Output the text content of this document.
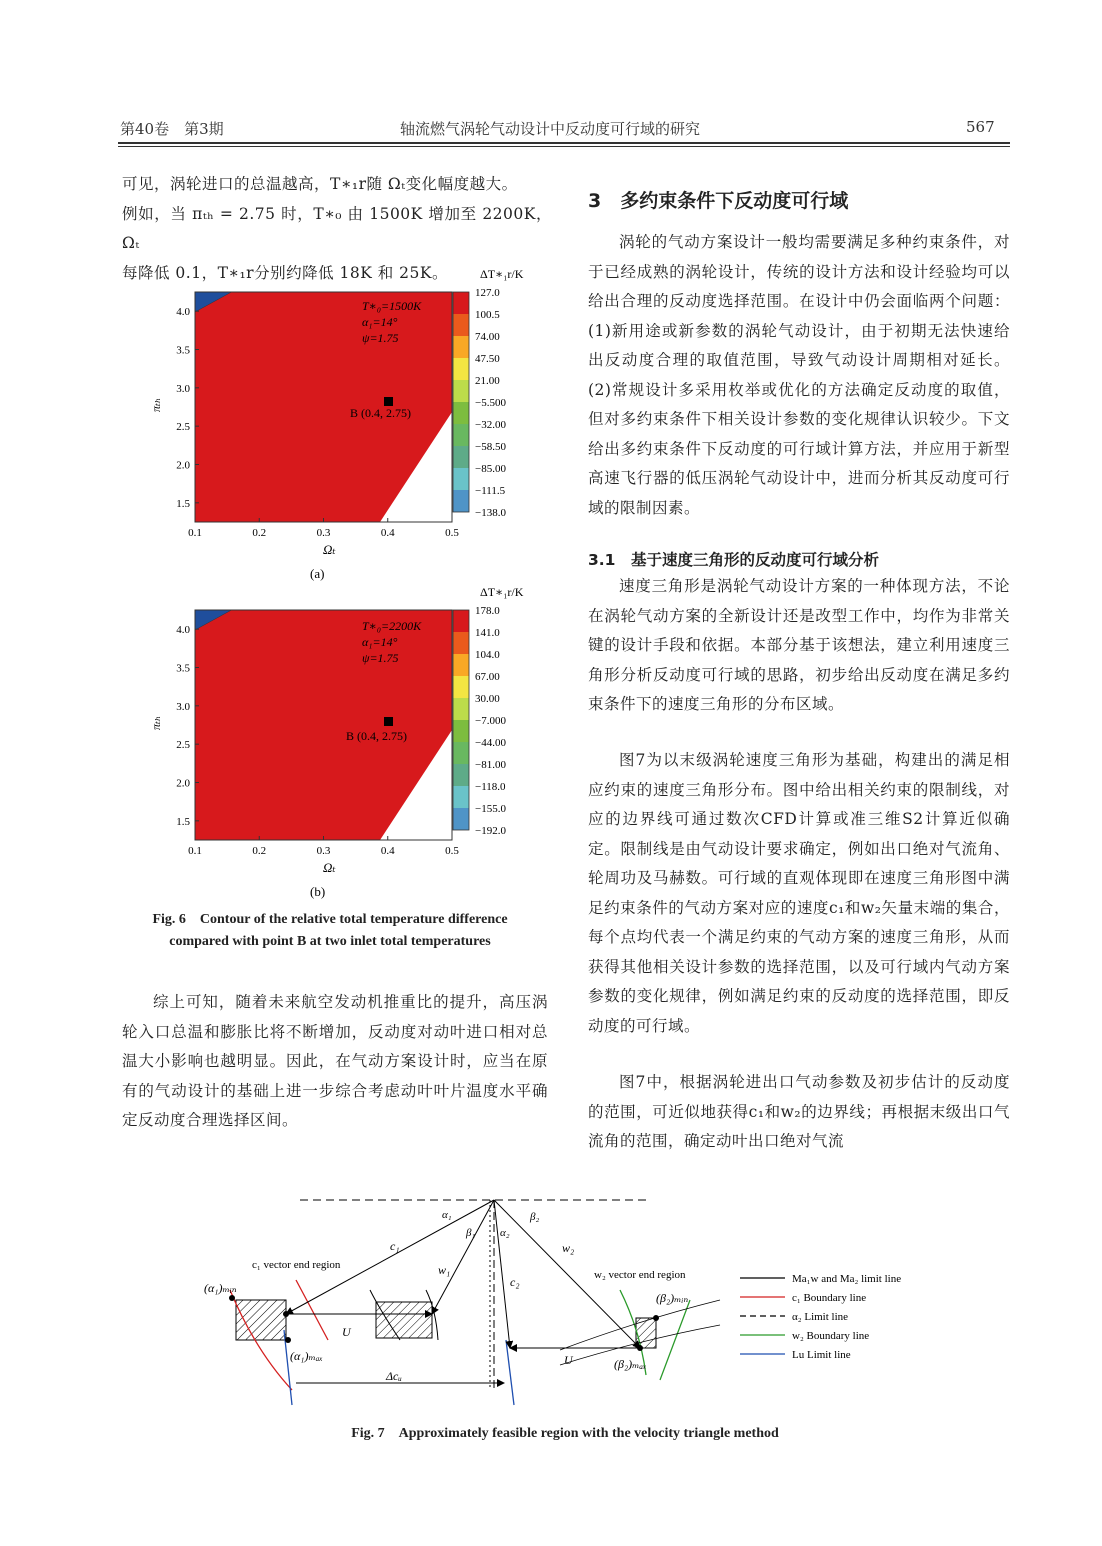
第40卷　第3期	轴流燃气涡轮气动设计中反动度可行域的研究	567
可见，涡轮进口的总温越高，T∗₁r随 Ωₜ变化幅度越大。
例如，当 πₜₕ = 2.75 时，T∗₀ 由 1500K 增加至 2200K，Ωₜ
每降低 0.1，T∗₁r分别约降低 18K 和 25K。
B (0.4, 2.75)
T∗₀=1500K
α₁=14°
ψ=1.75
127.0
100.5
74.00
47.50
21.00
−5.500
−32.00
−58.50
−85.00
−111.5
−138.0
ΔT∗₁r/K
4.0
3.5
3.0
2.5
2.0
1.5
0.1	0.2	0.3	0.4	0.5
Ωₜ
(a)
πₜₕ
B (0.4, 2.75)
T∗₀=2200K
α₁=14°
ψ=1.75
178.0
141.0
104.0
67.00
30.00
−7.000
−44.00
−81.00
−118.0
−155.0
−192.0
ΔT∗₁r/K
4.0
3.5
3.0
2.5
2.0
1.5
0.1	0.2	0.3	0.4	0.5
Ωₜ
(b)
πₜₕ
Fig. 6　Contour of the relative total temperature difference
compared with point B at two inlet total temperatures
综上可知，随着未来航空发动机推重比的提升，高压涡轮入口总温和膨胀比将不断增加，反动度对动叶进口相对总温大小影响也越明显。因此，在气动方案设计时，应当在原有的气动设计的基础上进一步综合考虑动叶叶片温度水平确定反动度合理选择区间。
3　多约束条件下反动度可行域
涡轮的气动方案设计一般均需要满足多种约束条件，对于已经成熟的涡轮设计，传统的设计方法和设计经验均可以给出合理的反动度选择范围。在设计中仍会面临两个问题：(1)新用途或新参数的涡轮气动设计，由于初期无法快速给出反动度合理的取值范围，导致气动设计周期相对延长。(2)常规设计多采用枚举或优化的方法确定反动度的取值，但对多约束条件下相关设计参数的变化规律认识较少。下文给出多约束条件下反动度的可行域计算方法，并应用于新型高速飞行器的低压涡轮气动设计中，进而分析其反动度可行域的限制因素。
3.1　基于速度三角形的反动度可行域分析
速度三角形是涡轮气动设计方案的一种体现方法，不论在涡轮气动方案的全新设计还是改型工作中，均作为非常关键的设计手段和依据。本部分基于该想法，建立利用速度三角形分析反动度可行域的思路，初步给出反动度在满足多约束条件下的速度三角形的分布区域。
图7为以末级涡轮速度三角形为基础，构建出的满足相应约束的速度三角形分布。图中给出相关约束的限制线，对应的边界线可通过数次CFD计算或准三维S2计算近似确定。限制线是由气动设计要求确定，例如出口绝对气流角、轮周功及马赫数。可行域的直观体现即在速度三角形图中满足约束条件的气动方案对应的速度c₁和w₂矢量末端的集合，每个点均代表一个满足约束的气动方案的速度三角形，从而获得其他相关设计参数的选择范围，以及可行域内气动方案参数的变化规律，例如满足约束的反动度的选择范围，即反动度的可行域。
图7中，根据涡轮进出口气动参数及初步估计的反动度的范围，可近似地获得c₁和w₂的边界线；再根据末级出口气流角的范围，确定动叶出口绝对气流
c₁ vector end region
w₂ vector end region
(α₁)ₘᵢₙ
(α₁)ₘₐₓ
(β₂)ₘᵢₙ
(β₂)ₘₐₓ
c₁
w₁
c₂
w₂
U
U
Δcᵤ
α₁
β₁ α₂
β₂
Ma₁w and Ma₂ limit line
c₁ Boundary line
α₂ Limit line
w₂ Boundary line
Lu Limit line
Fig. 7　Approximately feasible region with the velocity triangle method
